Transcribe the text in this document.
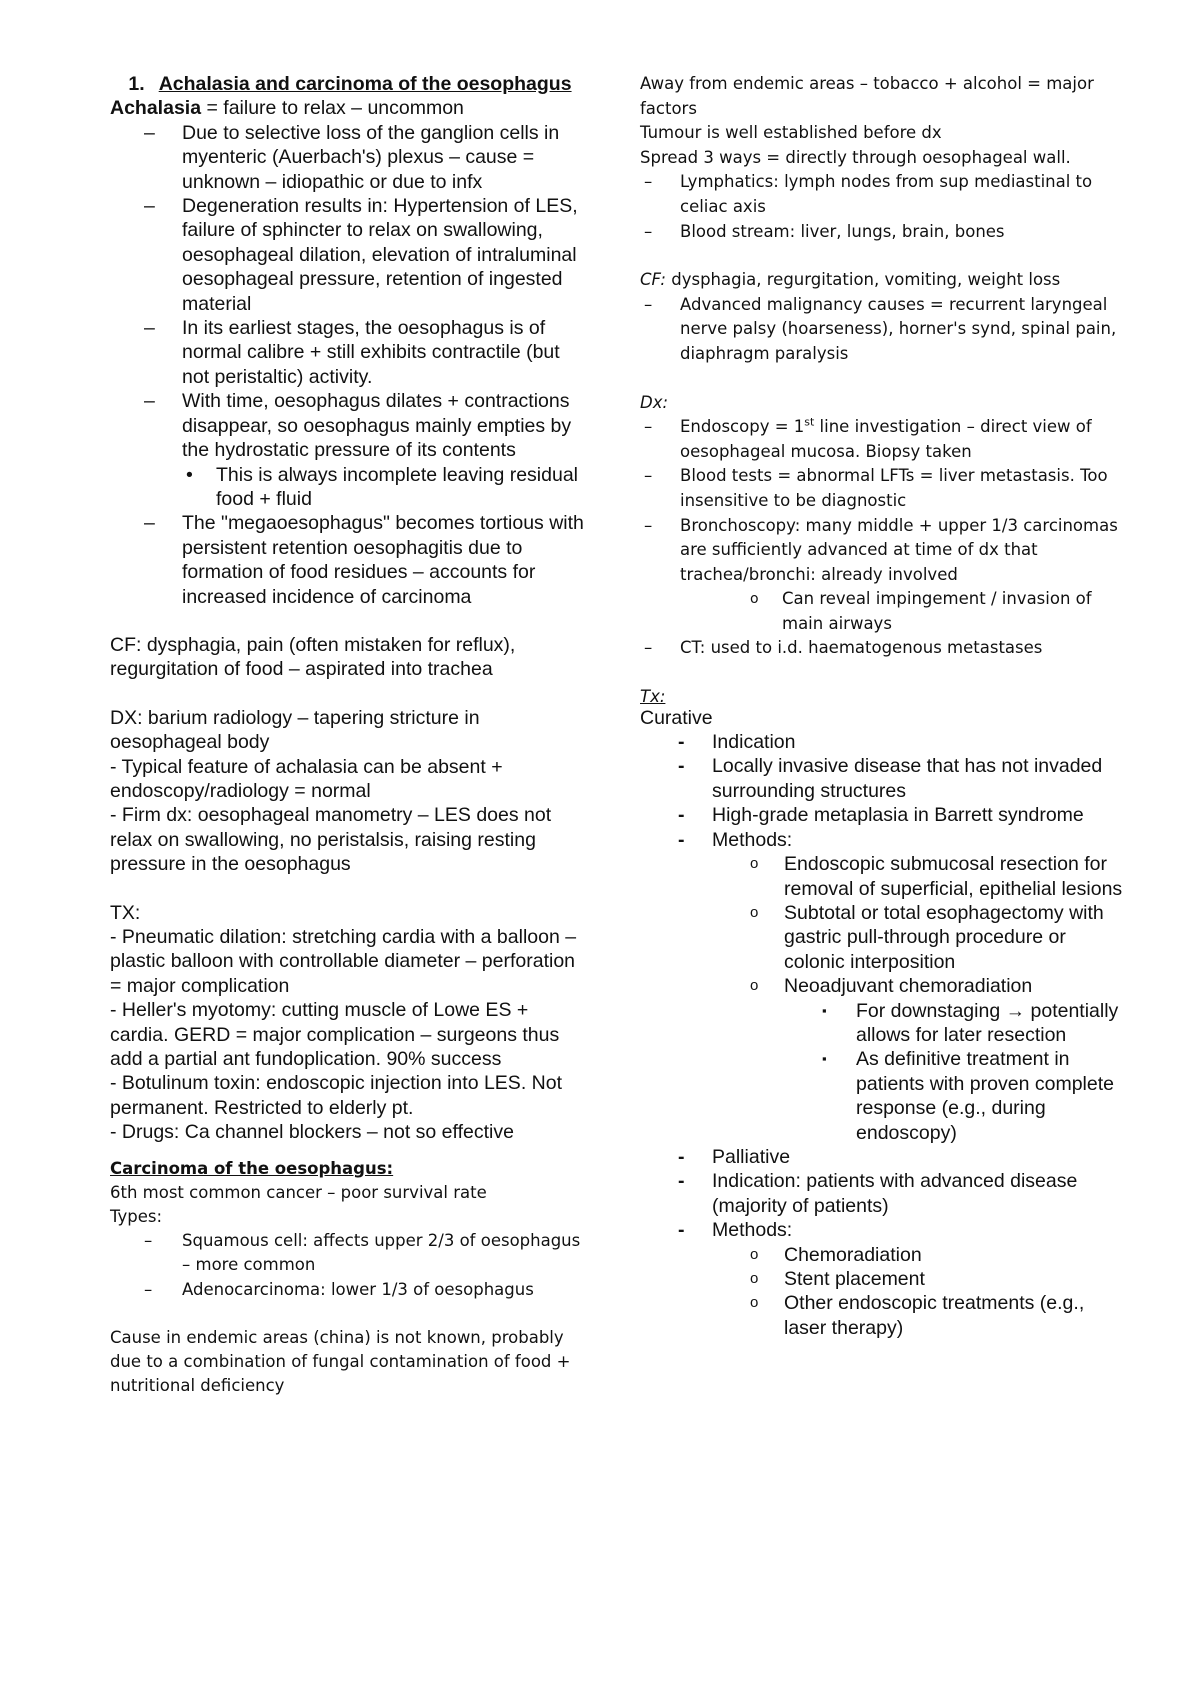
1. Achalasia and carcinoma of the oesophagus

Achalasia = failure to relax – uncommon

– Due to selective loss of the ganglion cells in myenteric (Auerbach's) plexus – cause = unknown – idiopathic or due to infx
– Degeneration results in: Hypertension of LES, failure of sphincter to relax on swallowing, oesophageal dilation, elevation of intraluminal oesophageal pressure, retention of ingested material
– In its earliest stages, the oesophagus is of normal calibre + still exhibits contractile (but not peristaltic) activity.
– With time, oesophagus dilates + contractions disappear, so oesophagus mainly empties by the hydrostatic pressure of its contents
• This is always incomplete leaving residual food + fluid
– The "megaoesophagus" becomes tortious with persistent retention oesophagitis due to formation of food residues – accounts for increased incidence of carcinoma

CF: dysphagia, pain (often mistaken for reflux), regurgitation of food – aspirated into trachea

DX: barium radiology – tapering stricture in oesophageal body

- Typical feature of achalasia can be absent + endoscopy/radiology = normal

- Firm dx: oesophageal manometry – LES does not relax on swallowing, no peristalsis, raising resting pressure in the oesophagus

TX:

- Pneumatic dilation: stretching cardia with a balloon – plastic balloon with controllable diameter – perforation = major complication

- Heller's myotomy: cutting muscle of Lowe ES + cardia. GERD = major complication – surgeons thus add a partial ant fundoplication. 90% success

- Botulinum toxin: endoscopic injection into LES. Not permanent. Restricted to elderly pt.

- Drugs: Ca channel blockers – not so effective

Carcinoma of the oesophagus:

6th most common cancer – poor survival rate

Types:

– Squamous cell: affects upper 2/3 of oesophagus – more common
– Adenocarcinoma: lower 1/3 of oesophagus

Cause in endemic areas (china) is not known, probably due to a combination of fungal contamination of food + nutritional deficiency

Away from endemic areas – tobacco + alcohol = major factors

Tumour is well established before dx

Spread 3 ways = directly through oesophageal wall.

– Lymphatics: lymph nodes from sup mediastinal to celiac axis
– Blood stream: liver, lungs, brain, bones

CF: dysphagia, regurgitation, vomiting, weight loss

– Advanced malignancy causes = recurrent laryngeal nerve palsy (hoarseness), horner's synd, spinal pain, diaphragm paralysis

Dx:

– Endoscopy = 1st line investigation – direct view of oesophageal mucosa. Biopsy taken
– Blood tests = abnormal LFTs = liver metastasis. Too insensitive to be diagnostic
– Bronchoscopy: many middle + upper 1/3 carcinomas are sufficiently advanced at time of dx that trachea/bronchi: already involved
o Can reveal impingement / invasion of main airways
– CT: used to i.d. haematogenous metastases

Tx:

Curative

- Indication
- Locally invasive disease that has not invaded surrounding structures
- High-grade metaplasia in Barrett syndrome
- Methods:
o Endoscopic submucosal resection for removal of superficial, epithelial lesions
o Subtotal or total esophagectomy with gastric pull-through procedure or colonic interposition
o Neoadjuvant chemoradiation
▪ For downstaging → potentially allows for later resection
▪ As definitive treatment in patients with proven complete response (e.g., during endoscopy)
- Palliative
- Indication: patients with advanced disease (majority of patients)
- Methods:
o Chemoradiation
o Stent placement
o Other endoscopic treatments (e.g., laser therapy)
